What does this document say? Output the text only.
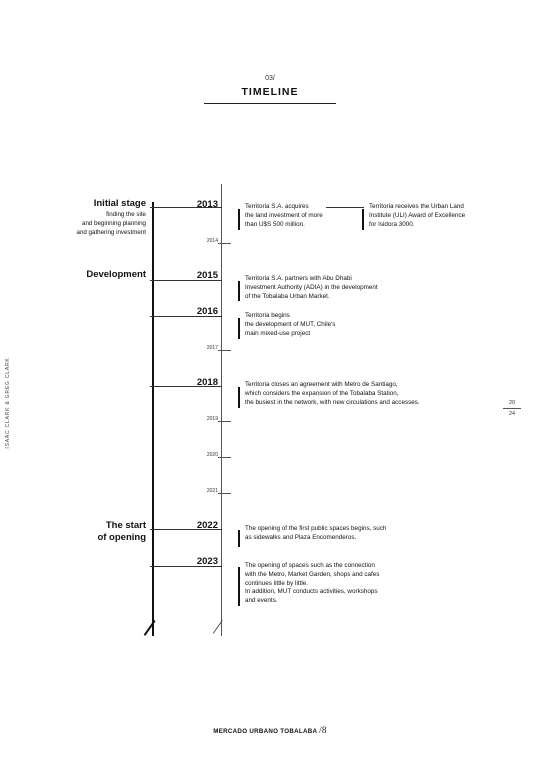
03/
TIMELINE
ISAAC CLARK & GREG CLARK	20
24
Initial stage
finding the site
and beginning planning
and gathering investment
Development
The start
of opening
2013
2015
2016
2018
2022
2023
2014
2017
2019
2020
2021
Territoria S.A. acquires
the land investment of more
than U$S 500 million.
Territoria receives the Urban Land
Institute (ULI) Award of Excellence
for Isidora 3000.
Territoria S.A. partners with Abu Dhabi
Investment Authority (ADIA) in the development
of the Tobalaba Urban Market.
Territoria begins
the development of MUT, Chile's
main mixed-use project
Territoria closes an agreement with Metro de Santiago,
which considers the expansion of the Tobalaba Station,
the busiest in the network, with new circulations and accesses.
The opening of the first public spaces begins, such
as sidewalks and Plaza Encomenderos.
The opening of spaces such as the connection
with the Metro, Market Garden, shops and cafes
continues little by little.
In addition, MUT conducts activities, workshops
and events.
MERCADO URBANO TOBALABA /8
